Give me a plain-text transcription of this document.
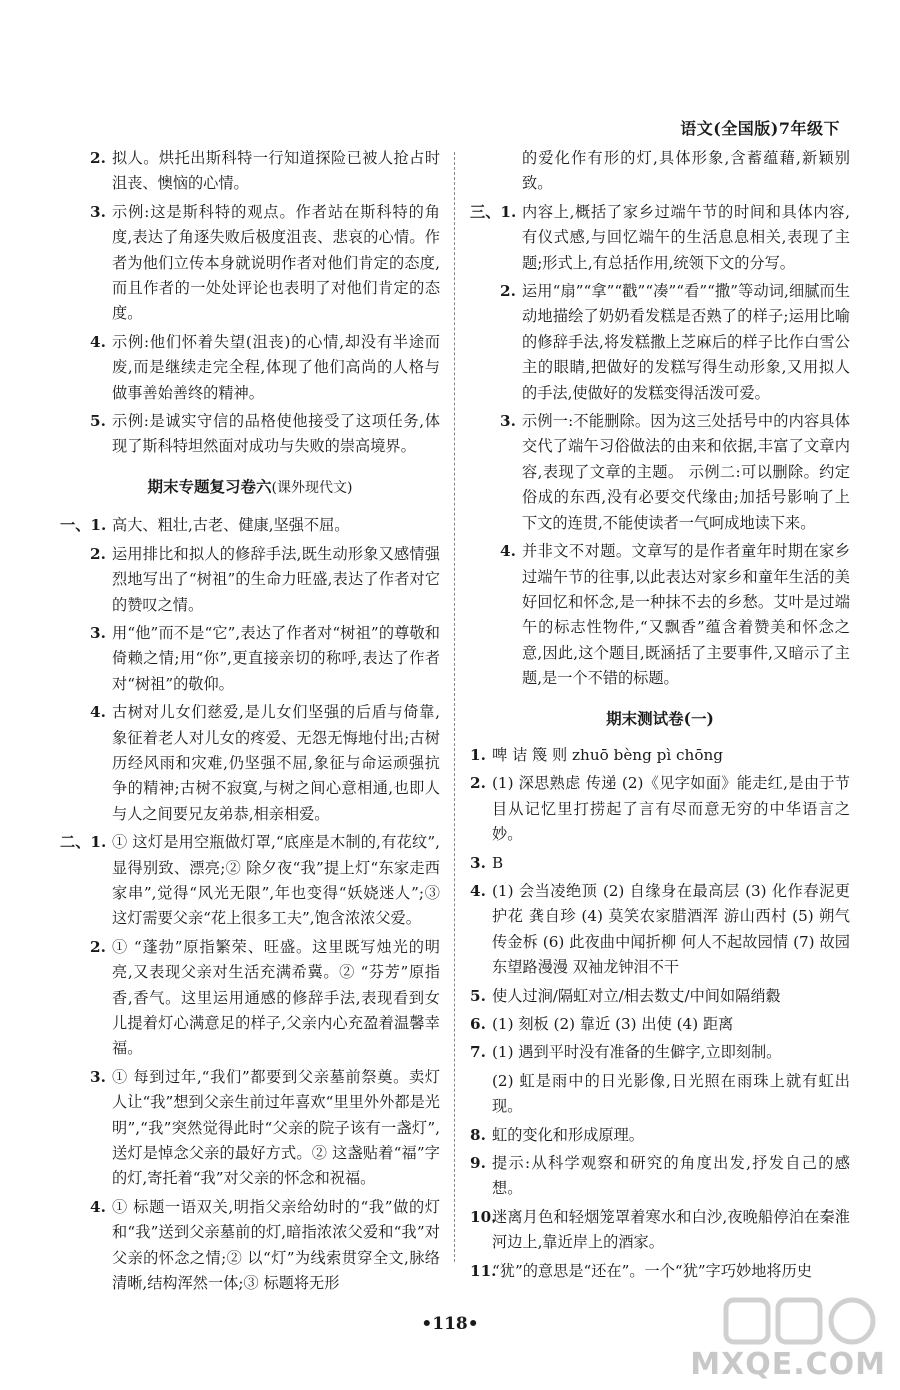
语文(全国版)7年级下
2. 拟人。烘托出斯科特一行知道探险已被人抢占时沮丧、懊恼的心情。
3. 示例:这是斯科特的观点。作者站在斯科特的角度,表达了角逐失败后极度沮丧、悲哀的心情。作者为他们立传本身就说明作者对他们肯定的态度,而且作者的一处处评论也表明了对他们肯定的态度。
4. 示例:他们怀着失望(沮丧)的心情,却没有半途而废,而是继续走完全程,体现了他们高尚的人格与做事善始善终的精神。
5. 示例:是诚实守信的品格使他接受了这项任务,体现了斯科特坦然面对成功与失败的崇高境界。
期末专题复习卷六(课外现代文)
一、1. 高大、粗壮,古老、健康,坚强不屈。
2. 运用排比和拟人的修辞手法,既生动形象又感情强烈地写出了“树祖”的生命力旺盛,表达了作者对它的赞叹之情。
3. 用“他”而不是“它”,表达了作者对“树祖”的尊敬和倚赖之情;用“你”,更直接亲切的称呼,表达了作者对“树祖”的敬仰。
4. 古树对儿女们慈爱,是儿女们坚强的后盾与倚靠,象征着老人对儿女的疼爱、无怨无悔地付出;古树历经风雨和灾难,仍坚强不屈,象征与命运顽强抗争的精神;古树不寂寞,与树之间心意相通,也即人与人之间要兄友弟恭,相亲相爱。
二、1. ① 这灯是用空瓶做灯罩,“底座是木制的,有花纹”,显得别致、漂亮;② 除夕夜“我”提上灯“东家走西家串”,觉得“风光无限”,年也变得“妖娆迷人”;③ 这灯需要父亲“花上很多工夫”,饱含浓浓父爱。
2. ① “蓬勃”原指繁荣、旺盛。这里既写烛光的明亮,又表现父亲对生活充满希冀。② “芬芳”原指香,香气。这里运用通感的修辞手法,表现看到女儿提着灯心满意足的样子,父亲内心充盈着温馨幸福。
3. ① 每到过年,“我们”都要到父亲墓前祭奠。卖灯人让“我”想到父亲生前过年喜欢“里里外外都是光明”,“我”突然觉得此时“父亲的院子该有一盏灯”,送灯是悼念父亲的最好方式。② 这盏贴着“福”字的灯,寄托着“我”对父亲的怀念和祝福。
4. ① 标题一语双关,明指父亲给幼时的“我”做的灯和“我”送到父亲墓前的灯,暗指浓浓父爱和“我”对父亲的怀念之情;② 以“灯”为线索贯穿全文,脉络清晰,结构浑然一体;③ 标题将无形
的爱化作有形的灯,具体形象,含蓄蕴藉,新颖别致。
三、1. 内容上,概括了家乡过端午节的时间和具体内容,有仪式感,与回忆端午的生活息息相关,表现了主题;形式上,有总括作用,统领下文的分写。
2. 运用“扇”“拿”“戳”“凑”“看”“撒”等动词,细腻而生动地描绘了奶奶看发糕是否熟了的样子;运用比喻的修辞手法,将发糕撒上芝麻后的样子比作白雪公主的眼睛,把做好的发糕写得生动形象,又用拟人的手法,使做好的发糕变得活泼可爱。
3. 示例一:不能删除。因为这三处括号中的内容具体交代了端午习俗做法的由来和依据,丰富了文章内容,表现了文章的主题。 示例二:可以删除。约定俗成的东西,没有必要交代缘由;加括号影响了上下文的连贯,不能使读者一气呵成地读下来。
4. 并非文不对题。文章写的是作者童年时期在家乡过端午节的往事,以此表达对家乡和童年生活的美好回忆和怀念,是一种抹不去的乡愁。艾叶是过端午的标志性物件,“又飘香”蕴含着赞美和怀念之意,因此,这个题目,既涵括了主要事件,又暗示了主题,是一个不错的标题。
期末测试卷(一)
1. 啤 诘 篾 则 zhuō bèng pì chōng
2. (1) 深思熟虑 传递 (2)《见字如面》能走红,是由于节目从记忆里打捞起了言有尽而意无穷的中华语言之妙。
3. B
4. (1) 会当凌绝顶 (2) 自缘身在最高层 (3) 化作春泥更护花 龚自珍 (4) 莫笑农家腊酒浑 游山西村 (5) 朔气传金柝 (6) 此夜曲中闻折柳 何人不起故园情 (7) 故园东望路漫漫 双袖龙钟泪不干
5. 使人过涧/隔虹对立/相去数丈/中间如隔绡縠
6. (1) 刻板 (2) 靠近 (3) 出使 (4) 距离
7. (1) 遇到平时没有准备的生僻字,立即刻制。
(2) 虹是雨中的日光影像,日光照在雨珠上就有虹出现。
8. 虹的变化和形成原理。
9. 提示:从科学观察和研究的角度出发,抒发自己的感想。
10.
迷离月色和轻烟笼罩着寒水和白沙,夜晚船停泊在秦淮河边上,靠近岸上的酒家。
11.
“犹”的意思是“还在”。一个“犹”字巧妙地将历史
•118•
MXQE.COM
